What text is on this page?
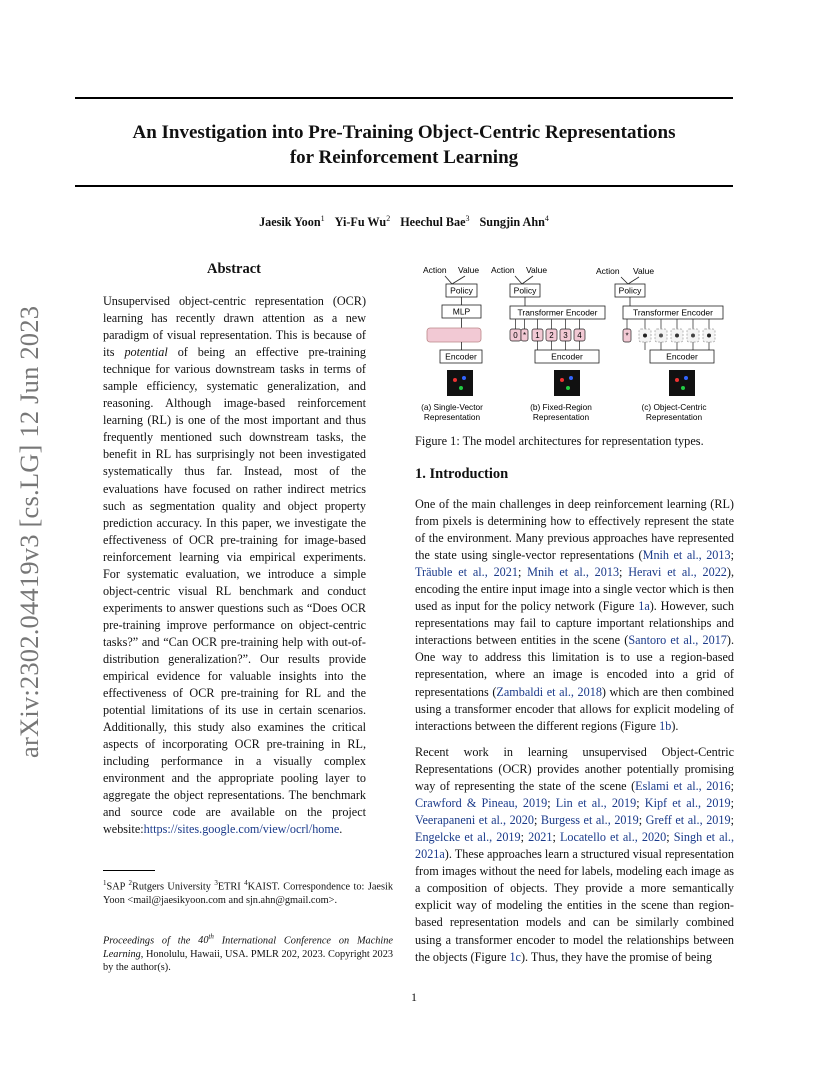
An Investigation into Pre-Training Object-Centric Representations
for Reinforcement Learning
Jaesik Yoon$^1$ Yi-Fu Wu$^2$ Heechul Bae$^3$ Sungjin Ahn$^4$
arXiv:2302.04419v3 [cs.LG] 12 Jun 2023
Abstract
Unsupervised object-centric representation (OCR) learning has recently drawn attention as a new paradigm of visual representation. This is because of its potential of being an effective pre-training technique for various downstream tasks in terms of sample efficiency, systematic generalization, and reasoning. Although image-based reinforcement learning (RL) is one of the most important and thus frequently mentioned such downstream tasks, the benefit in RL has surprisingly not been investigated systematically thus far. Instead, most of the evaluations have focused on rather indirect metrics such as segmentation quality and object property prediction accuracy. In this paper, we investigate the effectiveness of OCR pre-training for image-based reinforcement learning via empirical experiments. For systematic evaluation, we introduce a simple object-centric visual RL benchmark and conduct experiments to answer questions such as “Does OCR pre-training improve performance on object-centric tasks?” and “Can OCR pre-training help with out-of-distribution generalization?”. Our results provide empirical evidence for valuable insights into the effectiveness of OCR pre-training for RL and the potential limitations of its use in certain scenarios. Additionally, this study also examines the critical aspects of incorporating OCR pre-training in RL, including performance in a visually complex environment and the appropriate pooling layer to aggregate the object representations. The benchmark and source code are available on the project website:https://sites.google.com/view/ocrl/home.
$^1$SAP $^2$Rutgers University $^3$ETRI $^4$KAIST. Correspondence to: Jaesik Yoon <mail@jaesikyoon.com and sjn.ahn@gmail.com>.
Proceedings of the 40th International Conference on Machine Learning, Honolulu, Hawaii, USA. PMLR 202, 2023. Copyright 2023 by the author(s).
Action Value
Policy
MLP
Encoder
(a) Single-Vector
Representation
Action Value
Policy
Transformer Encoder
0 * 1 2 3 4
Encoder
(b) Fixed-Region
Representation
Action Value
Policy
Transformer Encoder
*
Encoder
(c) Object-Centric
Representation
Figure 1: The model architectures for representation types.
1. Introduction
One of the main challenges in deep reinforcement learning (RL) from pixels is determining how to effectively represent the state of the environment. Many previous approaches have represented the state using single-vector representations (Mnih et al., 2013; Träuble et al., 2021; Mnih et al., 2013; Heravi et al., 2022), encoding the entire input image into a single vector which is then used as input for the policy network (Figure 1a). However, such representations may fail to capture important relationships and interactions between entities in the scene (Santoro et al., 2017). One way to address this limitation is to use a region-based representation, where an image is encoded into a grid of representations (Zambaldi et al., 2018) which are then combined using a transformer encoder that allows for explicit modeling of interactions between the different regions (Figure 1b).
Recent work in learning unsupervised Object-Centric Representations (OCR) provides another potentially promising way of representing the state of the scene (Eslami et al., 2016; Crawford & Pineau, 2019; Lin et al., 2019; Kipf et al., 2019; Veerapaneni et al., 2020; Burgess et al., 2019; Greff et al., 2019; Engelcke et al., 2019; 2021; Locatello et al., 2020; Singh et al., 2021a). These approaches learn a structured visual representation from images without the need for labels, modeling each image as a composition of objects. They provide a more semantically explicit way of modeling the entities in the scene than region-based representation models and can be similarly combined using a transformer encoder to model the relationships between the objects (Figure 1c). Thus, they have the promise of being
1
